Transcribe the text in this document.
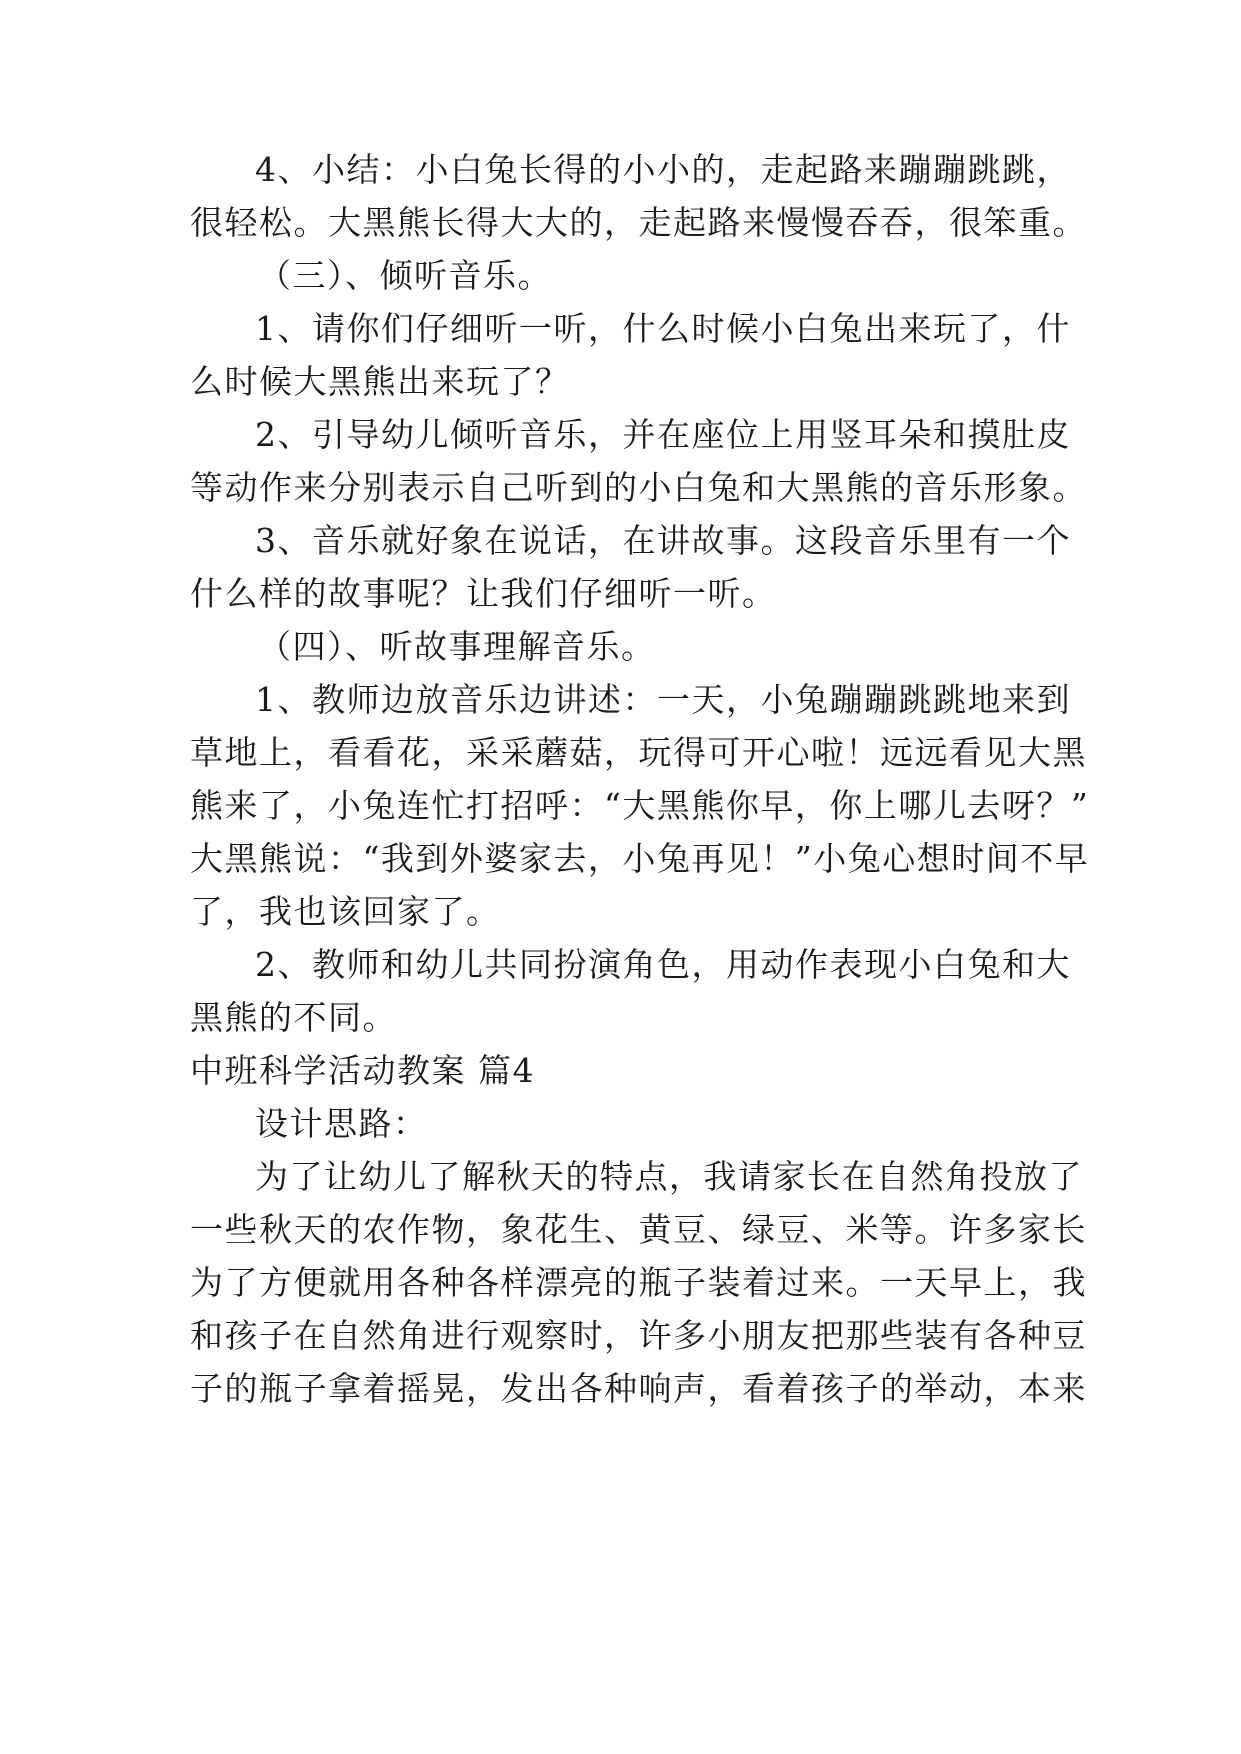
4、小结：小白兔长得的小小的，走起路来蹦蹦跳跳，
很轻松。大黑熊长得大大的，走起路来慢慢吞吞，很笨重。
（三）、倾听音乐。
1、请你们仔细听一听，什么时候小白兔出来玩了，什
么时候大黑熊出来玩了？
2、引导幼儿倾听音乐，并在座位上用竖耳朵和摸肚皮
等动作来分别表示自己听到的小白兔和大黑熊的音乐形象。
3、音乐就好象在说话，在讲故事。这段音乐里有一个
什么样的故事呢？让我们仔细听一听。
（四）、听故事理解音乐。
1、教师边放音乐边讲述：一天，小兔蹦蹦跳跳地来到
草地上，看看花，采采蘑菇，玩得可开心啦！远远看见大黑
熊来了，小兔连忙打招呼：“大黑熊你早，你上哪儿去呀？”
大黑熊说：“我到外婆家去，小兔再见！”小兔心想时间不早
了，我也该回家了。
2、教师和幼儿共同扮演角色，用动作表现小白兔和大
黑熊的不同。
中班科学活动教案 篇4
设计思路：
为了让幼儿了解秋天的特点，我请家长在自然角投放了
一些秋天的农作物，象花生、黄豆、绿豆、米等。许多家长
为了方便就用各种各样漂亮的瓶子装着过来。一天早上，我
和孩子在自然角进行观察时，许多小朋友把那些装有各种豆
子的瓶子拿着摇晃，发出各种响声，看着孩子的举动，本来
